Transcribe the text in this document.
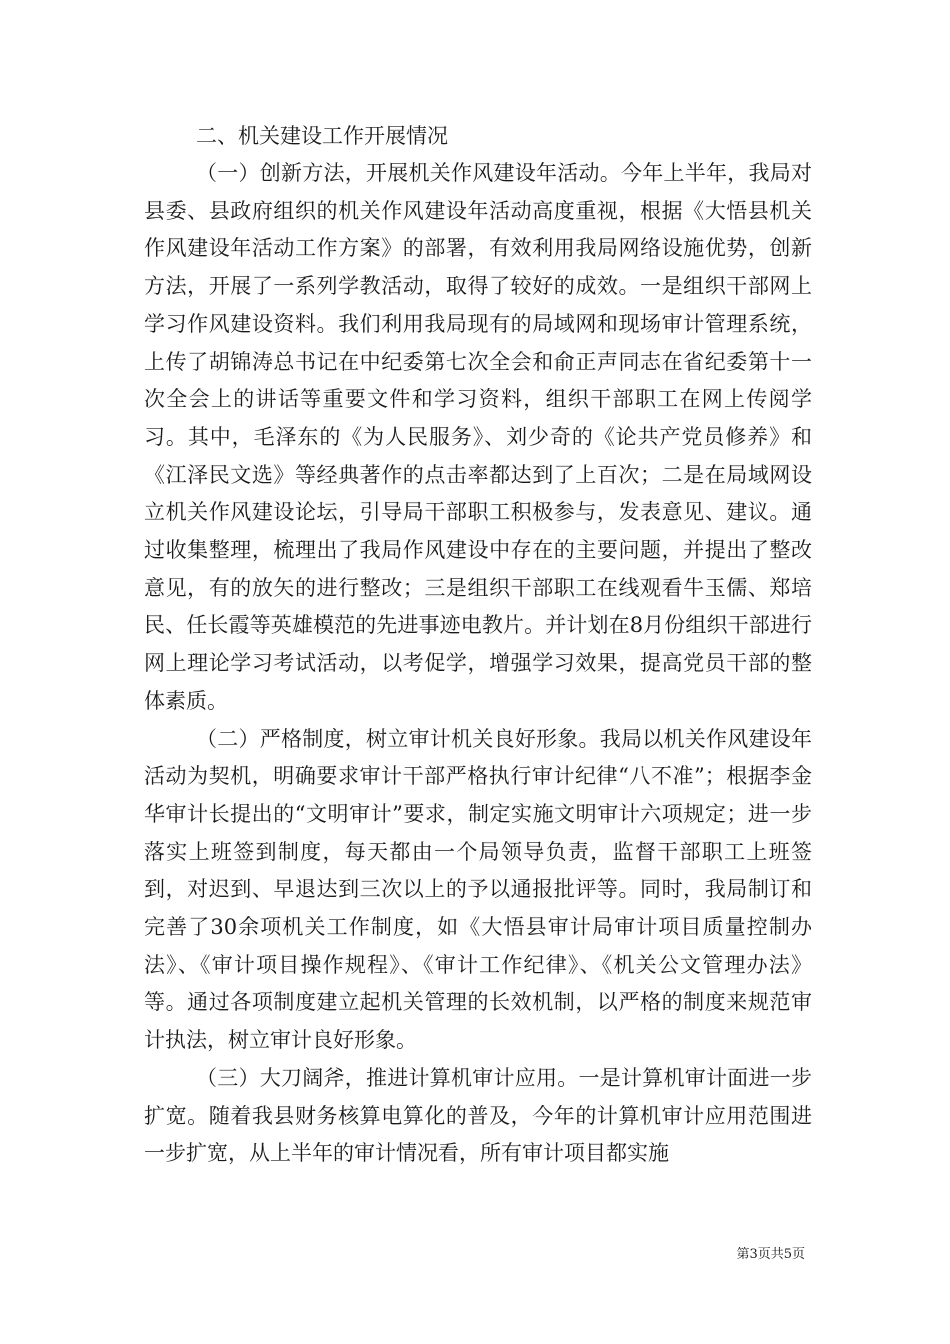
二、机关建设工作开展情况

（一）创新方法，开展机关作风建设年活动。今年上半年，我局对县委、县政府组织的机关作风建设年活动高度重视，根据《大悟县机关作风建设年活动工作方案》的部署，有效利用我局网络设施优势，创新方法，开展了一系列学教活动，取得了较好的成效。一是组织干部网上学习作风建设资料。我们利用我局现有的局域网和现场审计管理系统，上传了胡锦涛总书记在中纪委第七次全会和俞正声同志在省纪委第十一次全会上的讲话等重要文件和学习资料，组织干部职工在网上传阅学习。其中，毛泽东的《为人民服务》、刘少奇的《论共产党员修养》和《江泽民文选》等经典著作的点击率都达到了上百次；二是在局域网设立机关作风建设论坛，引导局干部职工积极参与，发表意见、建议。通过收集整理，梳理出了我局作风建设中存在的主要问题，并提出了整改意见，有的放矢的进行整改；三是组织干部职工在线观看牛玉儒、郑培民、任长霞等英雄模范的先进事迹电教片。并计划在8月份组织干部进行网上理论学习考试活动，以考促学，增强学习效果，提高党员干部的整体素质。

（二）严格制度，树立审计机关良好形象。我局以机关作风建设年活动为契机，明确要求审计干部严格执行审计纪律“八不准”；根据李金华审计长提出的“文明审计”要求，制定实施文明审计六项规定；进一步落实上班签到制度，每天都由一个局领导负责，监督干部职工上班签到，对迟到、早退达到三次以上的予以通报批评等。同时，我局制订和完善了30余项机关工作制度，如《大悟县审计局审计项目质量控制办法》、《审计项目操作规程》、《审计工作纪律》、《机关公文管理办法》等。通过各项制度建立起机关管理的长效机制，以严格的制度来规范审计执法，树立审计良好形象。

（三）大刀阔斧，推进计算机审计应用。一是计算机审计面进一步扩宽。随着我县财务核算电算化的普及，今年的计算机审计应用范围进一步扩宽，从上半年的审计情况看，所有审计项目都实施

第3页共5页
